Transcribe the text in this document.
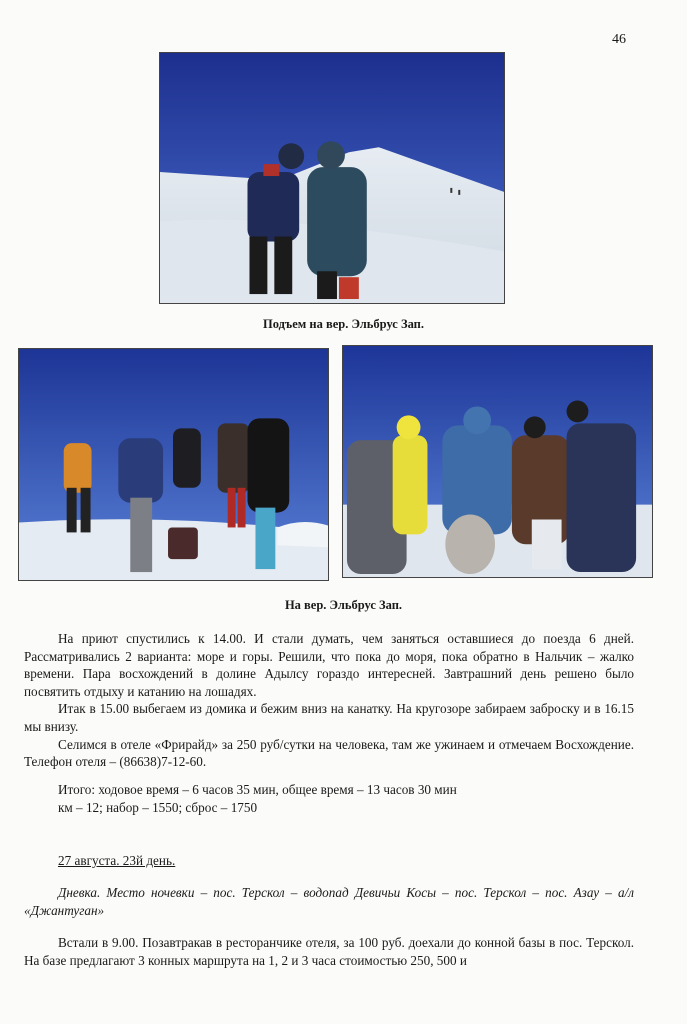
46
Подъем на вер. Эльбрус Зап.
На вер. Эльбрус Зап.

На приют спустились к 14.00. И стали думать, чем заняться оставшиеся до поезда 6 дней. Рассматривались 2 варианта: море и горы. Решили, что пока до моря, пока обратно в Нальчик – жалко времени. Пара восхождений в долине Адылсу гораздо интересней. Завтрашний день решено было посвятить отдыху и катанию на лошадях.

Итак в 15.00 выбегаем из домика и бежим вниз на канатку. На кругозоре забираем заброску и в 16.15 мы внизу.

Селимся в отеле «Фрирайд» за 250 руб/сутки на человека, там же ужинаем и отмечаем Восхождение. Телефон отеля – (86638)7-12-60.

Итого: ходовое время – 6 часов 35 мин, общее время – 13 часов 30 мин
км – 12; набор – 1550; сброс – 1750
27 августа. 23й день.

Дневка. Место ночевки – пос. Терскол – водопад Девичьи Косы – пос. Терскол – пос. Азау – а/л «Джантуган»

Встали в 9.00. Позавтракав в ресторанчике отеля, за 100 руб. доехали до конной базы в пос. Терскол. На базе предлагают 3 конных маршрута на 1, 2 и 3 часа стоимостью 250, 500 и
